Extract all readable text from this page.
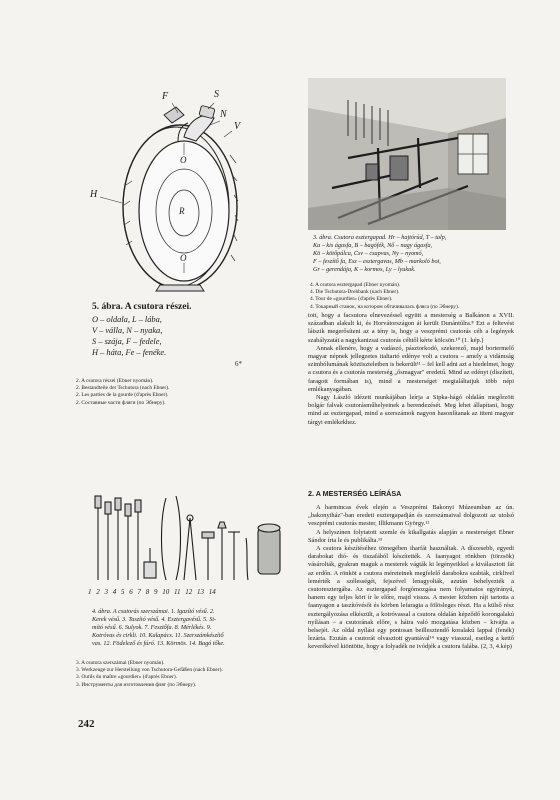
F	S
N
V
H
O
O
R
5. ábra. A csutora részei.
O – oldala, L – lába,
V – válla, N – nyaka,
S – szája, F – fedele,
H – háta, Fe – fenéke.
6*
2. A csutora részei (Ebner nyomán).
2. Bestandteile der Tschutora (nach Ebner).
2. Les parties de la gourde (d'après Ebner).
2. Составные части фляги (по Эбнеру).
3. ábra. Csutora esztergapad. Hr – hajtórúd, T – talp,
Ka – kis ágasfa, B – bagófék, Nő – nagy ágasfa,
Kö – kötőpálca, Csv – csapvas, Ny – nyomó,
F – feszítő fa, Esz – esztergavas, Mb – markoló bot,
Gr – gerendája, K – kormos, Ly – lyukak.
4. A csutora esztergapad (Ebner nyomán).
4. Die Tschutora-Drehbank (nach Ebner).
4. Tour de «gourdier» (d'après Ebner).
4. Токарный станок, на котором обтачивалась фляга (по Эбнеру).
1 2 3 4 5 6 7 8 9 10 11 12 13 14
4. ábra. A csutorás szerszámai. 1. Igazító vésű. 2.
Kerek vésű. 3. Taszító vésű. 4. Esztergavésű. 5. Si-
mító vésű. 6. Sulyok. 7. Fesztőfa. 8. Mérlékés. 9.
Kotróvas és cirkli. 10. Kalapács. 11. Szerszámkészítő
vas. 12. Födelező és fúró. 13. Körmös. 14. Bagó tőke.
3. A csutora szerszámai (Ebner nyomán).
3. Werkzeuge zur Herstellung von Tschutora-Gefäßen (nach Ebner).
3. Outils du maître «gourdier» (d'après Ebner).
3. Инструменты для изготовления фляг (по Эбнеру).
242

tott, hogy a facsutora elnevezéssel együtt a mesterség a Balkánon a XVII. században alakult ki, és Horvátországon át került Dunántúlra.⁸ Ezt a feltevést látszik megerősíteni az a tény is, hogy a veszprémi csutorás céh a legények szabályzatát a nagykanizsai csutorás céhtől kérte kölcsön.¹⁰ (1. kép.)

Annak ellenére, hogy a vadászó, pásztorkodó, szekerező, majd bortermelő magyar népnek jellegzetes italtartó edénye volt a csutora – amely a vidámság szimbólumának köztiszteletben is bekerült¹¹ – fel kell adni azt a hiedelmet, hogy a csutora és a csutorás mesterség „ősmagyar" eredetű. Mind az edényt (díszített, faragott formában is), mind a mesterséget megtaláltatjuk több népi emlékanyagában.

Nagy László idézett munkájában leírja a Sipka-hágó oldalán megőrzött bolgár falvak csutorásműhelyeinek a berendezését. Meg lehet állapítani, hogy mind az esztergapad, mind a szerszámok nagyon hasonlítanak az itteni magyar tárgyi emlékekhez.

2. A MESTERSÉG LEÍRÁSA

A harmincas évek elején a Veszprémi Bakonyi Múzeumban az ún. „bakonyiház"-ban eredeti esztergapadján és szerszámaival dolgozott az utolsó veszprémi csutorás mester, Illikmann György.¹²

A helyszínen folytatott szemle és kikallgatás alapján a mesterséget Ebner Sándor írta le és publikálta.¹³

A csutora készítéséhez tömegében iharfát használtak. A díszesebb, egyedi darabokat dió- és tiszafából készítették. A faanyagot rönkben (törzsök) vásárolták, gyakran maguk a mesterek vágták ki legényeikkel a kiválasztott fát az erdőn. A rönköt a csutora méreteinek megfelelő darabokra szabták, cirklivel lemérték a szélességét, fejszével lenagyolták, azután behelyezték a csutoresztergába. Az esztergapad forgómozgása nem folyamatos egyirányú, hanem egy teljes kört ír le előre, majd vissza. A mester közben rájt tartotta a faanyagon a taszítóvésőt és körben lefaragta a fölösleges részt. Ha a külső rész esztergályozása elkészült, a kotróvassal a csutora oldalán képződő korongalakú nyílásan – a csutorának előre, s hátra való mozgatása közben – kivájta a belsejét. Az oldal nyílást egy pontosan beillesztendő koralakú lappal (fenék) lezárta. Ezután a csutorát olvasztott gyantával¹⁴ vagy viasszal, esetleg a kettő keverékével kiöntötte, hogy a folyadék ne ivódjék a csutora falába. (2, 3, 4.kép)
